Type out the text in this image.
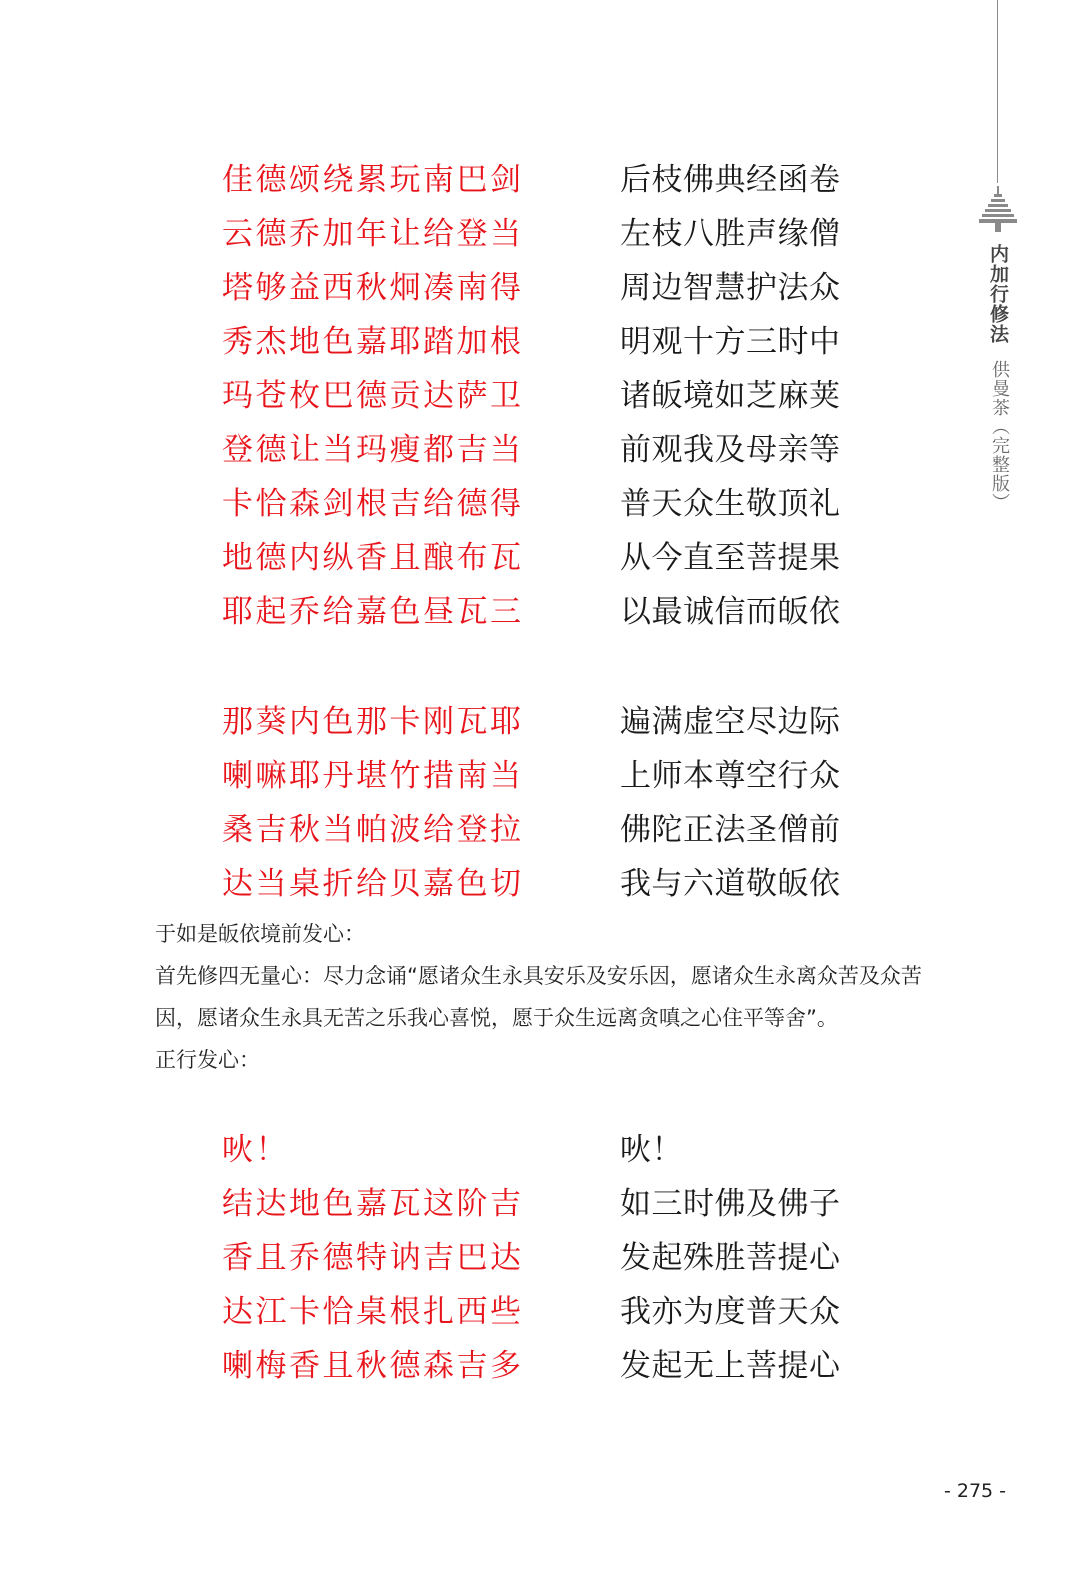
内加行修法
供曼茶（完整版）
佳德颂绕累玩南巴剑	后枝佛典经函卷
云德乔加年让给登当	左枝八胜声缘僧
塔够益西秋炯凑南得	周边智慧护法众
秀杰地色嘉耶踏加根	明观十方三时中
玛苍枚巴德贡达萨卫	诸皈境如芝麻荚
登德让当玛瘦都吉当	前观我及母亲等
卡恰森剑根吉给德得	普天众生敬顶礼
地德内纵香且酿布瓦	从今直至菩提果
耶起乔给嘉色昼瓦三	以最诚信而皈依
那葵内色那卡刚瓦耶	遍满虚空尽边际
喇嘛耶丹堪竹措南当	上师本尊空行众
桑吉秋当帕波给登拉	佛陀正法圣僧前
达当桌折给贝嘉色切	我与六道敬皈依

于如是皈依境前发心：

首先修四无量心：尽力念诵“愿诸众生永具安乐及安乐因，愿诸众生永离众苦及众苦因，愿诸众生永具无苦之乐我心喜悦，愿于众生远离贪嗔之心住平等舍”。

正行发心：

吙！	吙！
结达地色嘉瓦这阶吉	如三时佛及佛子
香且乔德特讷吉巴达	发起殊胜菩提心
达江卡恰桌根扎西些	我亦为度普天众
喇梅香且秋德森吉多	发起无上菩提心
- 275 -
